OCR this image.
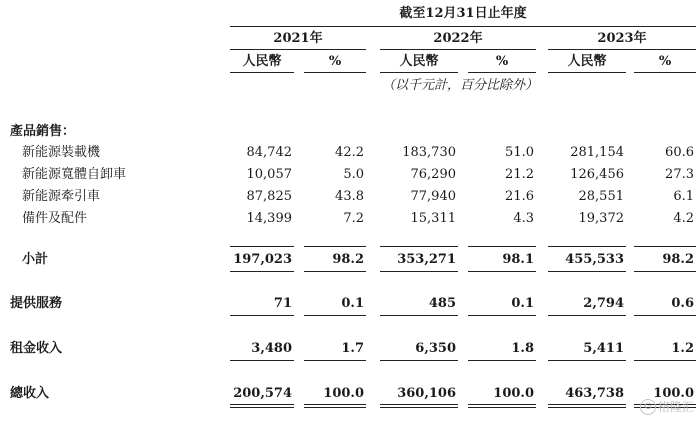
截至12月31日止年度
2021年	2022年	2023年
人民幣	%	人民幣	%	人民幣	%
（以千元計，百分比除外）
產品銷售：
新能源裝載機	84,742	42.2	183,730	51.0	281,154	60.6
新能源寬體自卸車	10,057	5.0	76,290	21.2	126,456	27.3
新能源牽引車	87,825	43.8	77,940	21.6	28,551	6.1
備件及配件	14,399	7.2	15,311	4.3	19,372	4.2
小計	197,023	98.2	353,271	98.1	455,533	98.2
提供服務	71	0.1	485	0.1	2,794	0.6
租金收入	3,480	1.7	6,350	1.8	5,411	1.2
總收入	200,574	100.0	360,106	100.0	463,738	100.0
G 格隆汇
